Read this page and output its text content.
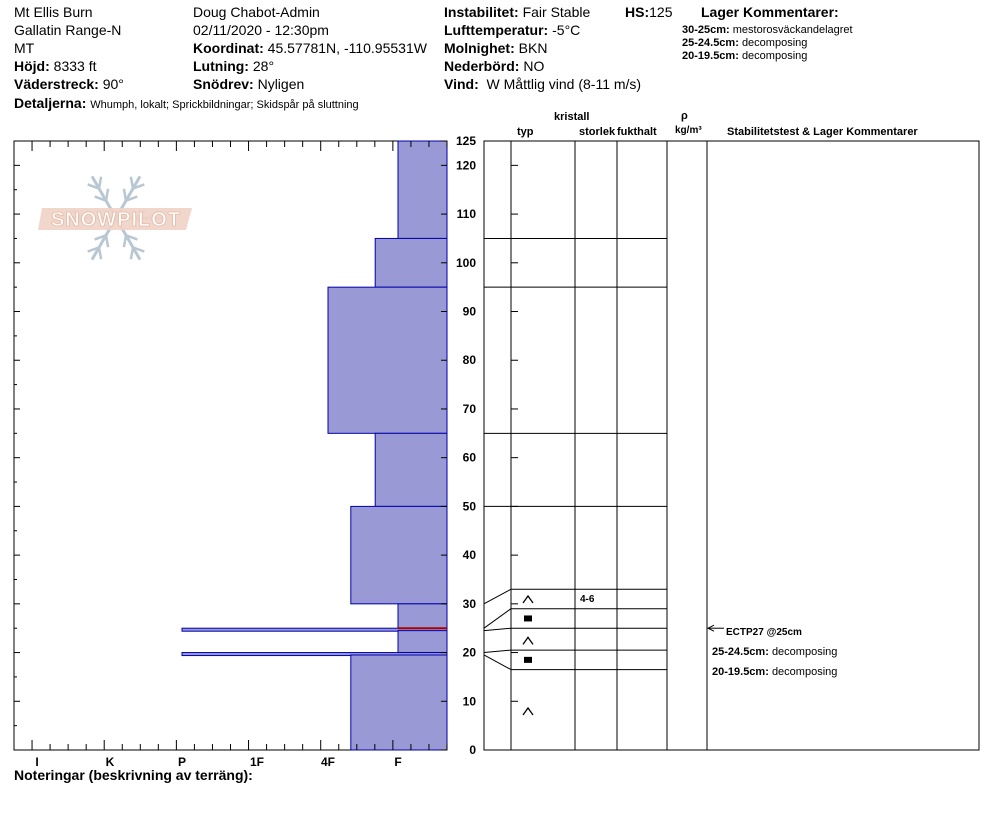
Mt Ellis Burn
Gallatin Range-N
MT
Höjd: 8333 ft
Väderstreck: 90°
Detaljerna: Whumph, lokalt; Sprickbildningar; Skidspår på sluttning
Doug Chabot-Admin
02/11/2020 - 12:30pm
Koordinat: 45.57781N, -110.95531W
Lutning: 28°
Snödrev: Nyligen
Instabilitet: Fair Stable
Lufttemperatur: -5°C
Molnighet: BKN
Nederbörd: NO
Vind: W Måttlig vind (8-11 m/s)
HS:125 Lager Kommentarer:
30-25cm: mestorosväckandelagret
25-24.5cm: decomposing
20-19.5cm: decomposing
kristall
typ	storlek fukthalt
ρ
kg/m³ Stabilitetstest & Lager Kommentarer
Noteringar (beskrivning av terräng):
ECTP27 @25cm
25-24.5cm: decomposing
20-19.5cm: decomposing
SNOWPILOT
I	K	P	1F	4F	F
0
10
20
30
40
50
60
70
80
90
100
110
120
125
4-6
